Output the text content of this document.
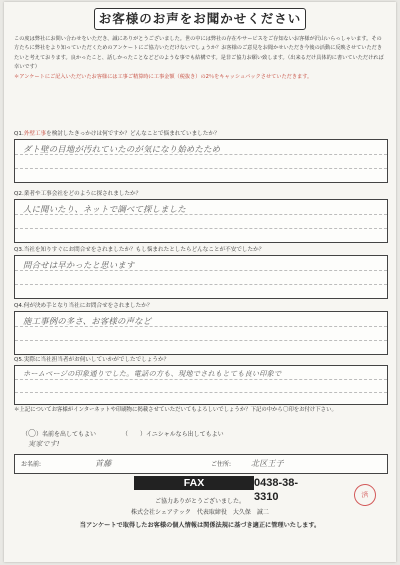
お客様のお声をお聞かせください
この度は弊社にお問い合わせをいただき、誠にありがとうございました。世の中には弊社の存在やサービスをご存知ないお客様が沢山いらっしゃいます。その方たちに弊社をより知っていただくためのアンケートにご協力いただけないでしょうか？お客様のご意見をお聞かせいただき今後の活動に反映させていただきたいと考えております。良かったこと、話しかったことなどどのような事でも結構です。是非ご協力お願い致します。（出来るだけ具体的に書いていただければ幸いです）
＊アンケートにご記入いただいたお客様には工事ご精算時に工事金額（税抜き）の2％をキャッシュバックさせていただきます。
Q1.外壁工事を検討したきっかけは何ですか？どんなことで悩まれていましたか？
ダト壁の目地が汚れていたのが気になり始めたため
Q2.業者や工事会社をどのように探されましたか？
人に聞いたり、ネットで調べて探しました
Q3.当社を知りすぐにお問合せをされましたか？もし悩まれたとしたらどんなことが不安でしたか？
問合せは早かったと思います
Q4.何が決め手となり当社にお問合せをされましたか？
施工事例の多さ、お客様の声など
Q5.実際に当社担当者がお伺いしていかがでしたでしょうか？
ホームページの印象通りでした。電話の方も、現地でされもとても良い印象で
＊上記についてお客様がインターネットや印刷物に掲載させていただいてもよろしいでしょうか？下記の中から〇印をお付け下さい。
（〇）名前を出してもよい	（　　）イニシャルなら出してもよい
実家です!
お名前:	首藤	ご住所: 北区王子
FAX	0438-38-3310
ご協力ありがとうございました。
株式会社シェアテック　代表取締役　大久保　誠二
当アンケートで取得したお客様の個人情報は関係法規に基づき適正に管理いたします。
済
